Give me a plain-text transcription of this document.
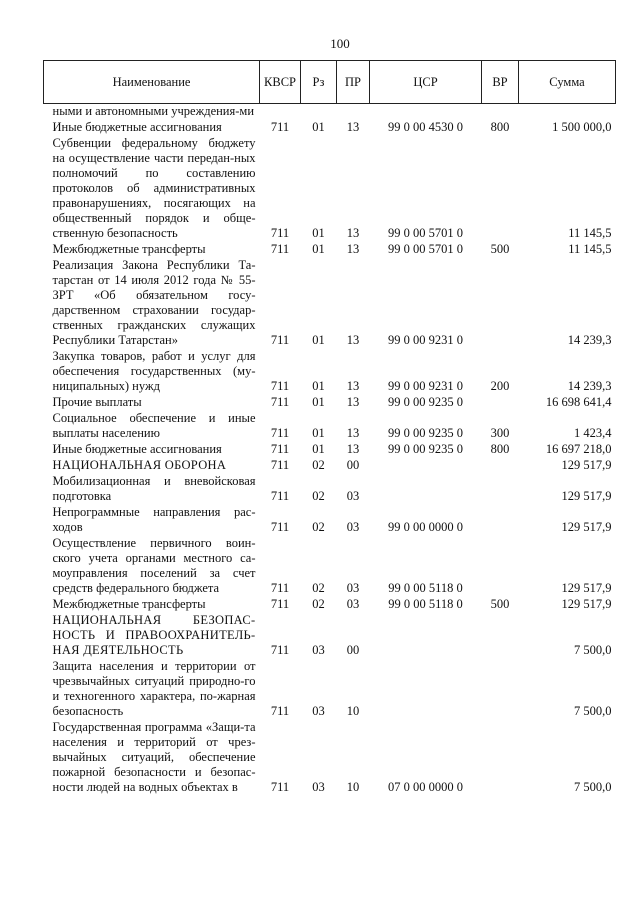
100
Наименование	КВСР	Рз	ПР	ЦСР	ВР	Сумма
ными и автономными учреждения-ми						
Иные бюджетные ассигнования	711	01	13	99 0 00 4530 0	800	1 500 000,0
Субвенции федеральному бюджету на осуществление части передан-ных полномочий по составлению протоколов об административных правонарушениях, посягающих на общественный порядок и обще-ственную безопасность	711	01	13	99 0 00 5701 0		11 145,5
Межбюджетные трансферты	711	01	13	99 0 00 5701 0	500	11 145,5
Реализация Закона Республики Та-тарстан от 14 июля 2012 года № 55-ЗРТ «Об обязательном госу-дарственном страховании государ-ственных гражданских служащих Республики Татарстан»	711	01	13	99 0 00 9231 0		14 239,3
Закупка товаров, работ и услуг для обеспечения государственных (му-ниципальных) нужд	711	01	13	99 0 00 9231 0	200	14 239,3
Прочие выплаты	711	01	13	99 0 00 9235 0		16 698 641,4
Социальное обеспечение и иные выплаты населению	711	01	13	99 0 00 9235 0	300	1 423,4
Иные бюджетные ассигнования	711	01	13	99 0 00 9235 0	800	16 697 218,0
НАЦИОНАЛЬНАЯ ОБОРОНА	711	02	00			129 517,9
Мобилизационная и вневойсковая подготовка	711	02	03			129 517,9
Непрограммные направления рас-ходов	711	02	03	99 0 00 0000 0		129 517,9
Осуществление первичного воин-ского учета органами местного са-моуправления поселений за счет средств федерального бюджета	711	02	03	99 0 00 5118 0		129 517,9
Межбюджетные трансферты	711	02	03	99 0 00 5118 0	500	129 517,9
НАЦИОНАЛЬНАЯ БЕЗОПАС-НОСТЬ И ПРАВООХРАНИТЕЛЬ-НАЯ ДЕЯТЕЛЬНОСТЬ	711	03	00			7 500,0
Защита населения и территории от чрезвычайных ситуаций природно-го и техногенного характера, по-жарная безопасность	711	03	10			7 500,0
Государственная программа «Защи-та населения и территорий от чрез-вычайных ситуаций, обеспечение пожарной безопасности и безопас-ности людей на водных объектах в	711	03	10	07 0 00 0000 0		7 500,0
